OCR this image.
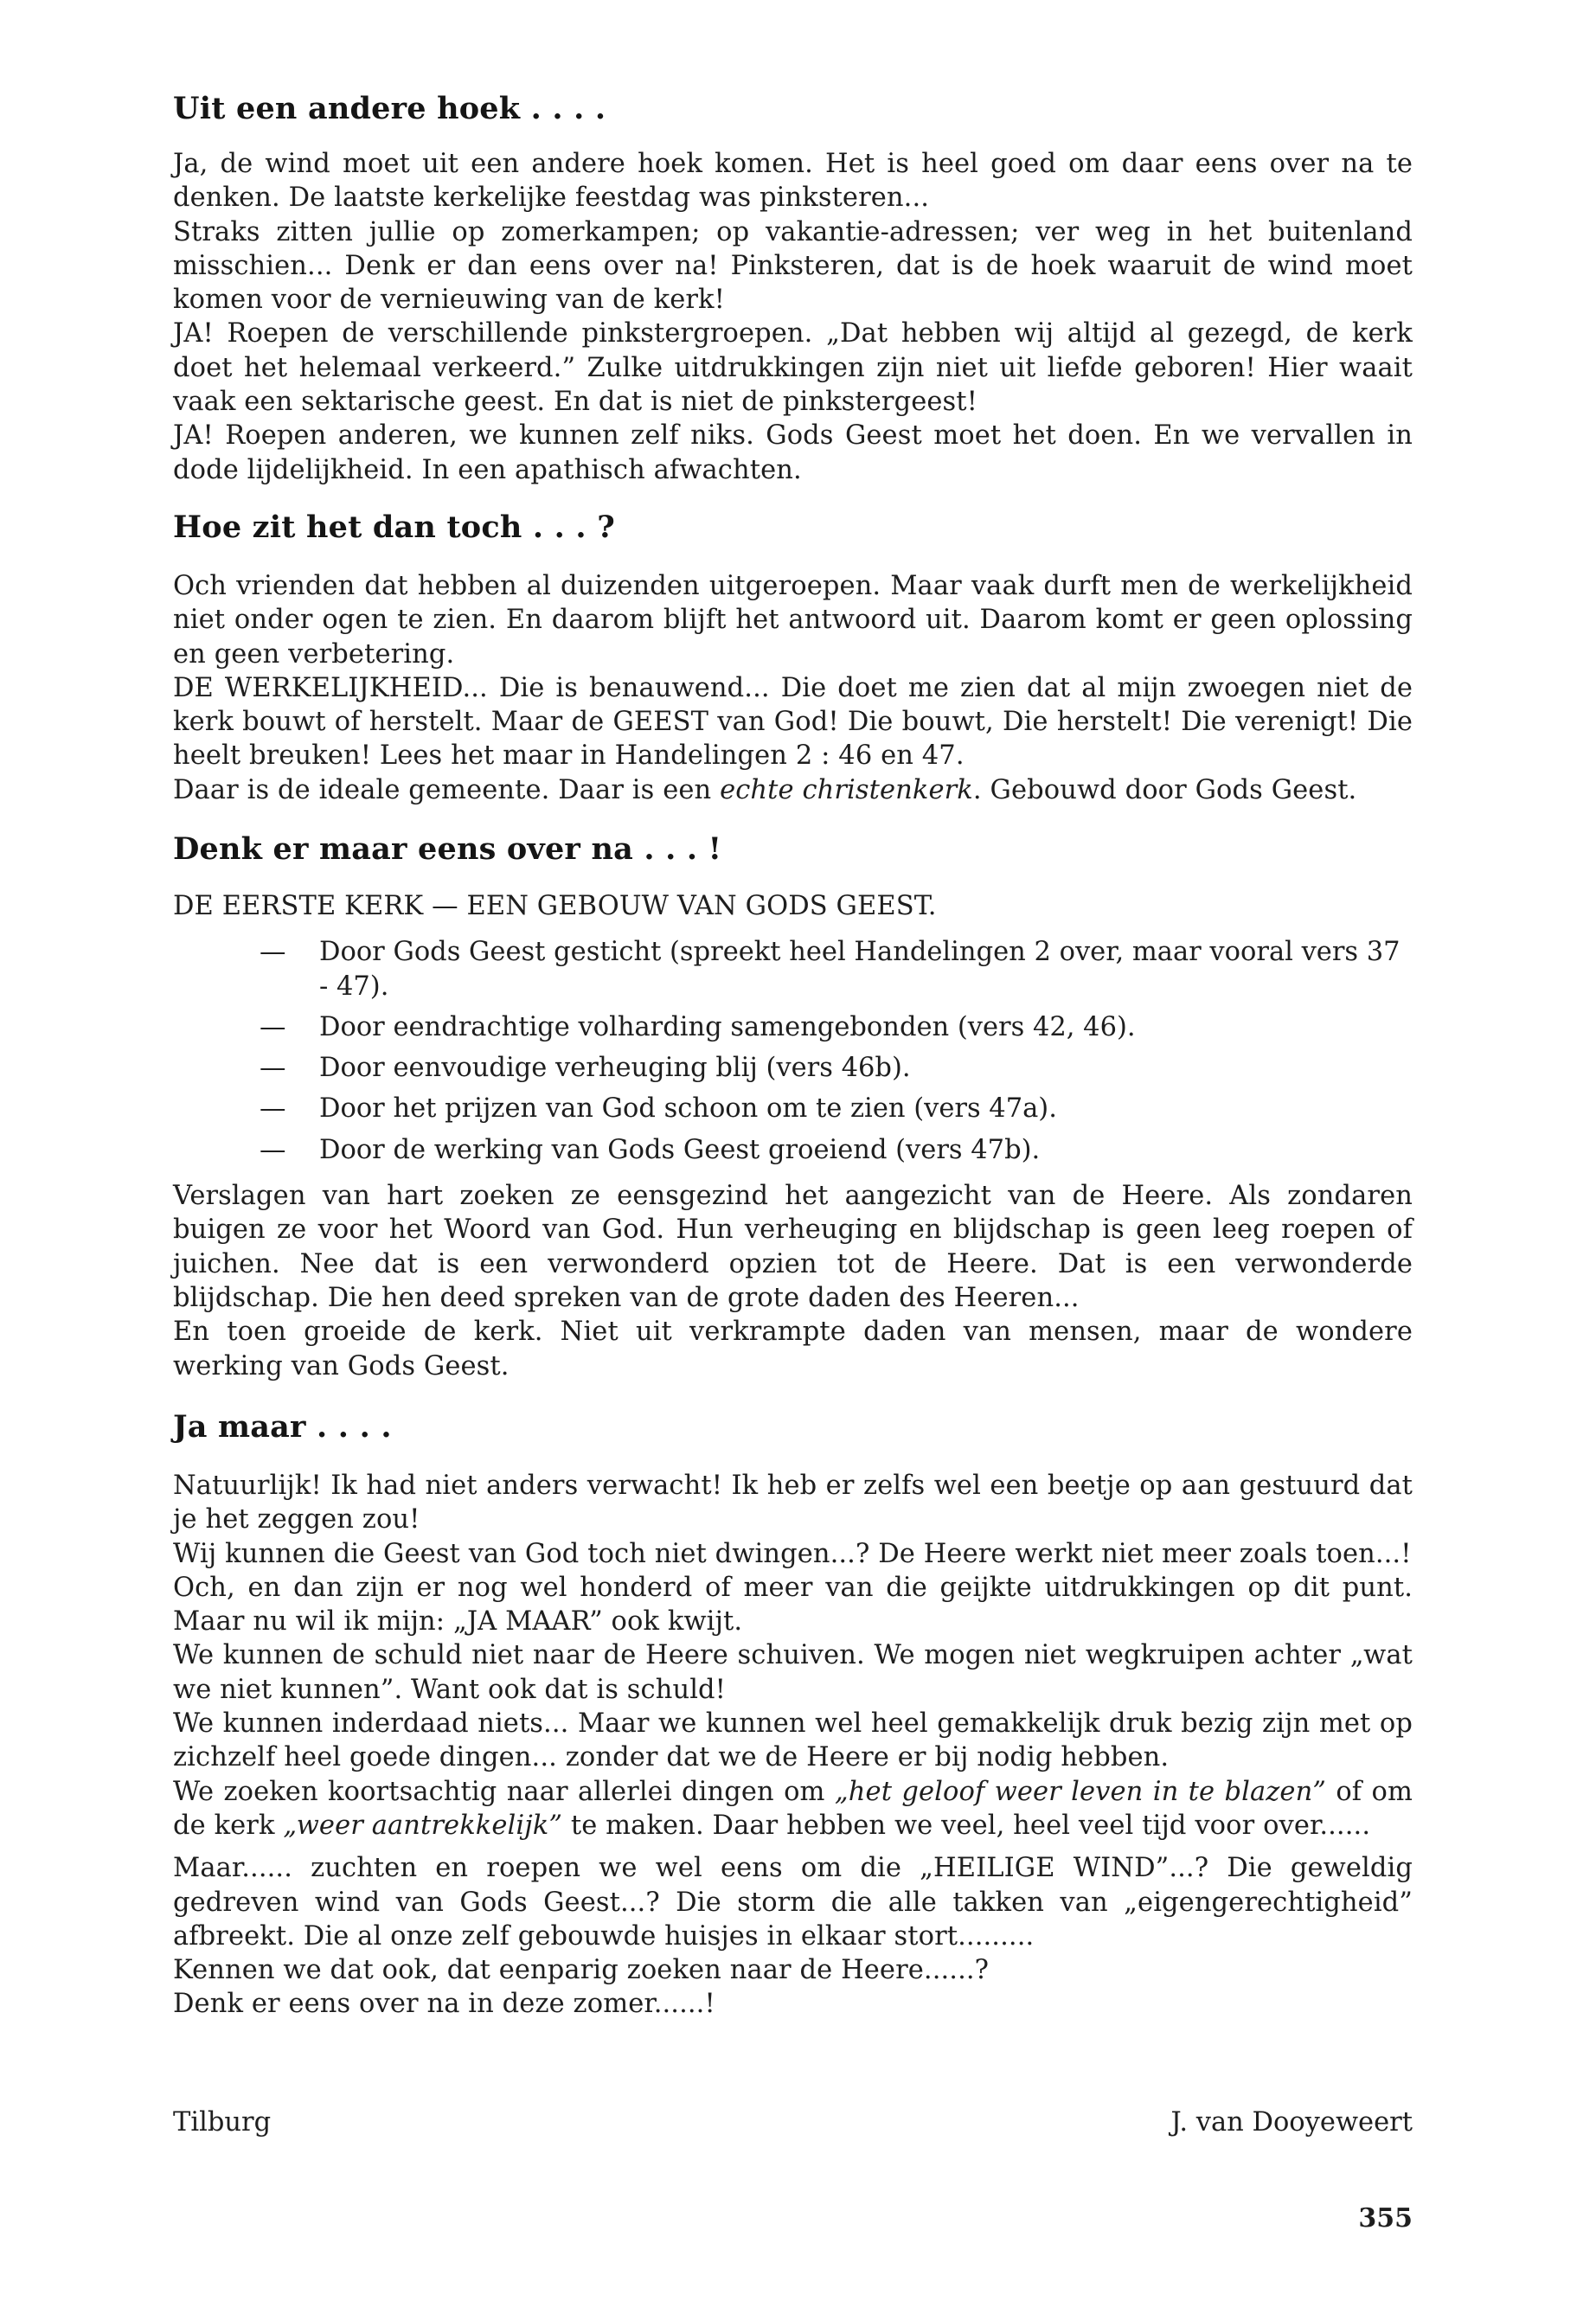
Uit een andere hoek . . . .

Ja, de wind moet uit een andere hoek komen. Het is heel goed om daar eens over na te denken. De laatste kerkelijke feestdag was pinksteren...

Straks zitten jullie op zomerkampen; op vakantie-adressen; ver weg in het buitenland misschien... Denk er dan eens over na! Pinksteren, dat is de hoek waaruit de wind moet komen voor de vernieuwing van de kerk!

JA! Roepen de verschillende pinkstergroepen. „Dat hebben wij altijd al gezegd, de kerk doet het helemaal verkeerd.” Zulke uitdrukkingen zijn niet uit liefde geboren! Hier waait vaak een sektarische geest. En dat is niet de pinkstergeest!

JA! Roepen anderen, we kunnen zelf niks. Gods Geest moet het doen. En we vervallen in dode lijdelijkheid. In een apathisch afwachten.

Hoe zit het dan toch . . . ?

Och vrienden dat hebben al duizenden uitgeroepen. Maar vaak durft men de werkelijkheid niet onder ogen te zien. En daarom blijft het antwoord uit. Daarom komt er geen oplossing en geen verbetering.

DE WERKELIJKHEID... Die is benauwend... Die doet me zien dat al mijn zwoegen niet de kerk bouwt of herstelt. Maar de GEEST van God! Die bouwt, Die herstelt! Die verenigt! Die heelt breuken! Lees het maar in Handelingen 2 : 46 en 47.

Daar is de ideale gemeente. Daar is een echte christenkerk. Gebouwd door Gods Geest.

Denk er maar eens over na . . . !

DE EERSTE KERK — EEN GEBOUW VAN GODS GEEST.

— Door Gods Geest gesticht (spreekt heel Handelingen 2 over, maar vooral vers 37 - 47).
— Door eendrachtige volharding samengebonden (vers 42, 46).
— Door eenvoudige verheuging blij (vers 46b).
— Door het prijzen van God schoon om te zien (vers 47a).
— Door de werking van Gods Geest groeiend (vers 47b).

Verslagen van hart zoeken ze eensgezind het aangezicht van de Heere. Als zondaren buigen ze voor het Woord van God. Hun verheuging en blijdschap is geen leeg roepen of juichen. Nee dat is een verwonderd opzien tot de Heere. Dat is een verwonderde blijdschap. Die hen deed spreken van de grote daden des Heeren...

En toen groeide de kerk. Niet uit verkrampte daden van mensen, maar de wondere werking van Gods Geest.

Ja maar . . . .

Natuurlijk! Ik had niet anders verwacht! Ik heb er zelfs wel een beetje op aan gestuurd dat je het zeggen zou!

Wij kunnen die Geest van God toch niet dwingen...? De Heere werkt niet meer zoals toen...!

Och, en dan zijn er nog wel honderd of meer van die geijkte uitdrukkingen op dit punt. Maar nu wil ik mijn: „JA MAAR” ook kwijt.

We kunnen de schuld niet naar de Heere schuiven. We mogen niet wegkruipen achter „wat we niet kunnen”. Want ook dat is schuld!

We kunnen inderdaad niets... Maar we kunnen wel heel gemakkelijk druk bezig zijn met op zichzelf heel goede dingen... zonder dat we de Heere er bij nodig hebben.

We zoeken koortsachtig naar allerlei dingen om „het geloof weer leven in te blazen” of om de kerk „weer aantrekkelijk” te maken. Daar hebben we veel, heel veel tijd voor over......

Maar...... zuchten en roepen we wel eens om die „HEILIGE WIND”...? Die geweldig gedreven wind van Gods Geest...? Die storm die alle takken van „eigengerechtigheid” afbreekt. Die al onze zelf gebouwde huisjes in elkaar stort.........

Kennen we dat ook, dat eenparig zoeken naar de Heere......?

Denk er eens over na in deze zomer......!

Tilburg	J. van Dooyeweert
355
